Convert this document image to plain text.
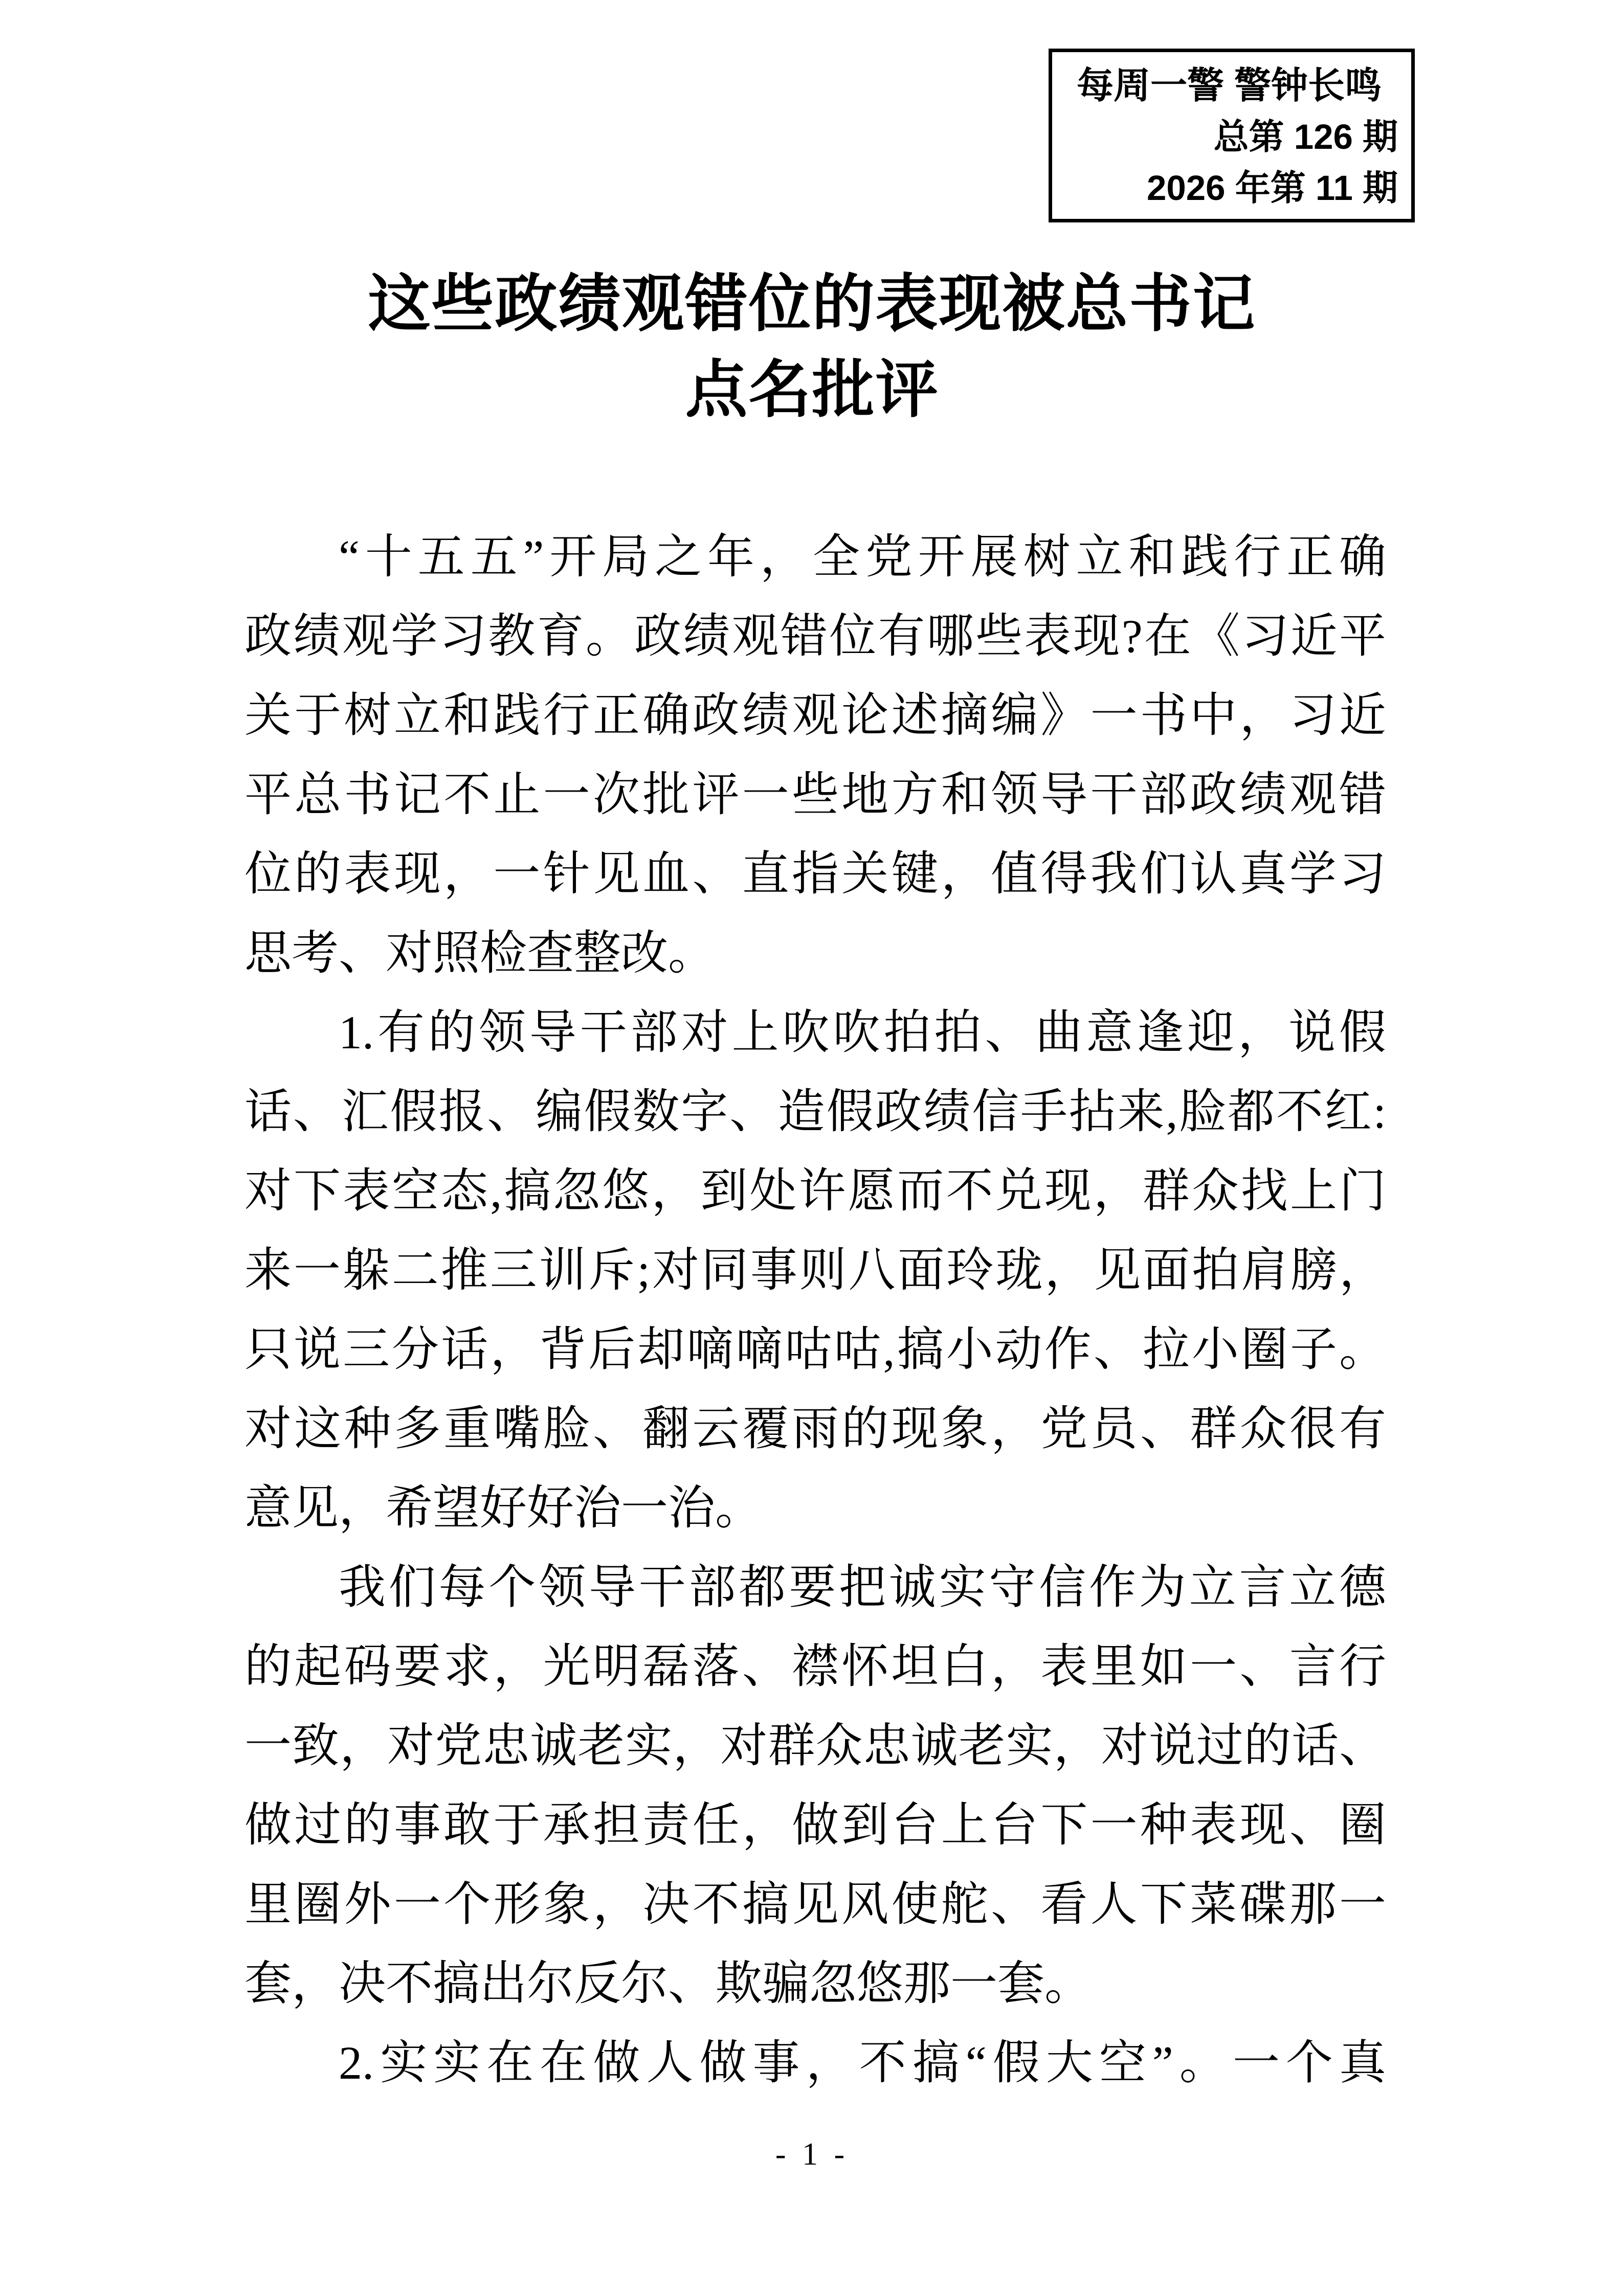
每周一警 警钟长鸣
总第 126 期
2026 年第 11 期
这些政绩观错位的表现被总书记
点名批评
“十五五”开局之年，全党开展树立和践行正确
政绩观学习教育。政绩观错位有哪些表现?在《习近平
关于树立和践行正确政绩观论述摘编》一书中，习近
平总书记不止一次批评一些地方和领导干部政绩观错
位的表现，一针见血、直指关键，值得我们认真学习
思考、对照检查整改。
1.有的领导干部对上吹吹拍拍、曲意逢迎，说假
话、汇假报、编假数字、造假政绩信手拈来,脸都不红:
对下表空态,搞忽悠，到处许愿而不兑现，群众找上门
来一躲二推三训斥;对同事则八面玲珑，见面拍肩膀，
只说三分话，背后却嘀嘀咕咕,搞小动作、拉小圈子。
对这种多重嘴脸、翻云覆雨的现象，党员、群众很有
意见，希望好好治一治。
我们每个领导干部都要把诚实守信作为立言立德
的起码要求，光明磊落、襟怀坦白，表里如一、言行
一致，对党忠诚老实，对群众忠诚老实，对说过的话、
做过的事敢于承担责任，做到台上台下一种表现、圈
里圈外一个形象，决不搞见风使舵、看人下菜碟那一
套，决不搞出尔反尔、欺骗忽悠那一套。
2.实实在在做人做事，不搞“假大空”。一个真
- 1 -
